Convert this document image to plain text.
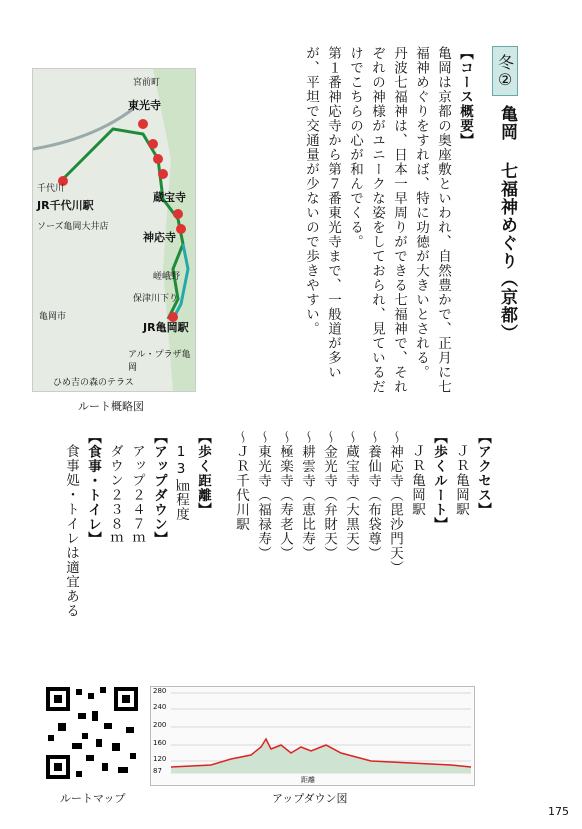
冬②
亀岡 七福神めぐり（京都）
【コース概要】
亀岡は京都の奥座敷といわれ、自然豊かで、正月に七福神めぐりをすれば、特に功徳が大きいとされる。
丹波七福神は、日本一早周りができる七福神で、それぞれの神様がユニークな姿をしておられ、見ているだけでこちらの心が和んでくる。
第１番神応寺から第７番東光寺まで、一般道が多いが、平坦で交通量が少ないので歩きやすい。
【アクセス】
ＪＲ亀岡駅
【歩くルート】
ＪＲ亀岡駅
～神応寺（毘沙門天）
～養仙寺（布袋尊）
～蔵宝寺（大黒天）
～金光寺（弁財天）
～耕雲寺（恵比寿）
～極楽寺（寿老人）
～東光寺（福禄寿）
～ＪＲ千代川駅
【歩く距離】
13㎞程度
【アップダウン】
アップ２４７ｍ
ダウン２３８ｍ
【食事・トイレ】
食事処・トイレは適宜ある
宮前町
東光寺
千代川
JR千代川駅
蔵宝寺
神応寺
JR亀岡駅
亀岡市
保津川下り
嵯峨野
アル・プラザ亀岡
ひめ吉の森のテラス
ソーズ亀岡大井店
ルート概略図
ルートマップ
280
240
200
160
120
87
距離
アップダウン図
175
